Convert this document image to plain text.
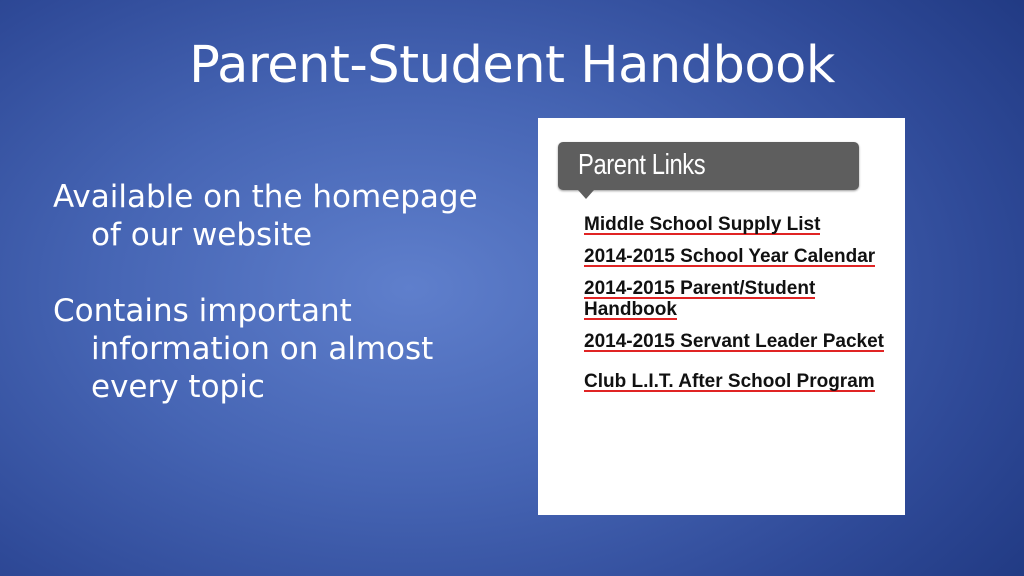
Parent-Student Handbook
Available on the homepage of our website
Contains important information on almost every topic
Parent Links
Middle School Supply List
2014-2015 School Year Calendar
2014-2015 Parent/Student Handbook
2014-2015 Servant Leader Packet
Club L.I.T. After School Program
